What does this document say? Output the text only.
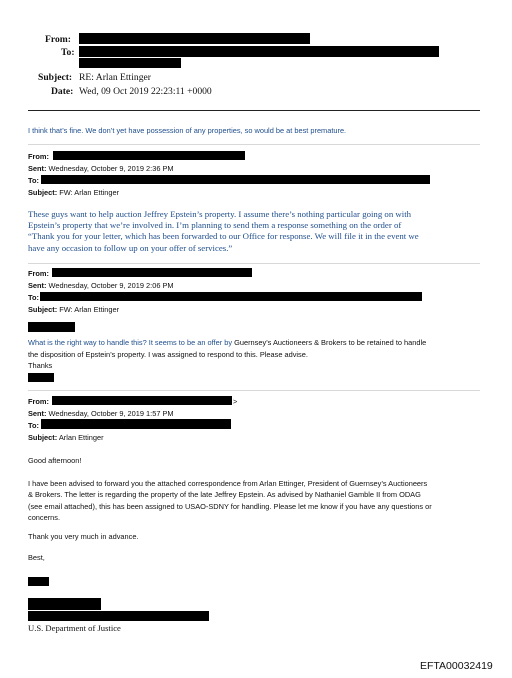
From:
To:
Subject: RE: Arlan Ettinger
Date: Wed, 09 Oct 2019 22:23:11 +0000
I think that’s fine. We don’t yet have possession of any properties, so would be at best premature.
From:
Sent: Wednesday, October 9, 2019 2:36 PM
To:
Subject: FW: Arlan Ettinger
These guys want to help auction Jeffrey Epstein’s property. I assume there’s nothing particular going on with
Epstein’s property that we’re involved in. I’m planning to send them a response something on the order of
“Thank you for your letter, which has been forwarded to our Office for response. We will file it in the event we
have any occasion to follow up on your offer of services.”
From:
Sent: Wednesday, October 9, 2019 2:06 PM
To:
Subject: FW: Arlan Ettinger
What is the right way to handle this? It seems to be an offer by Guernsey’s Auctioneers & Brokers to be retained to handle
the disposition of Epstein’s property. I was assigned to respond to this. Please advise.
Thanks
From:	>
Sent: Wednesday, October 9, 2019 1:57 PM
To:
Subject: Arlan Ettinger
Good afternoon!
I have been advised to forward you the attached correspondence from Arlan Ettinger, President of Guernsey’s Auctioneers
& Brokers. The letter is regarding the property of the late Jeffrey Epstein. As advised by Nathaniel Gamble II from ODAG
(see email attached), this has been assigned to USAO-SDNY for handling. Please let me know if you have any questions or
concerns.
Thank you very much in advance.
Best,
U.S. Department of Justice
EFTA00032419
